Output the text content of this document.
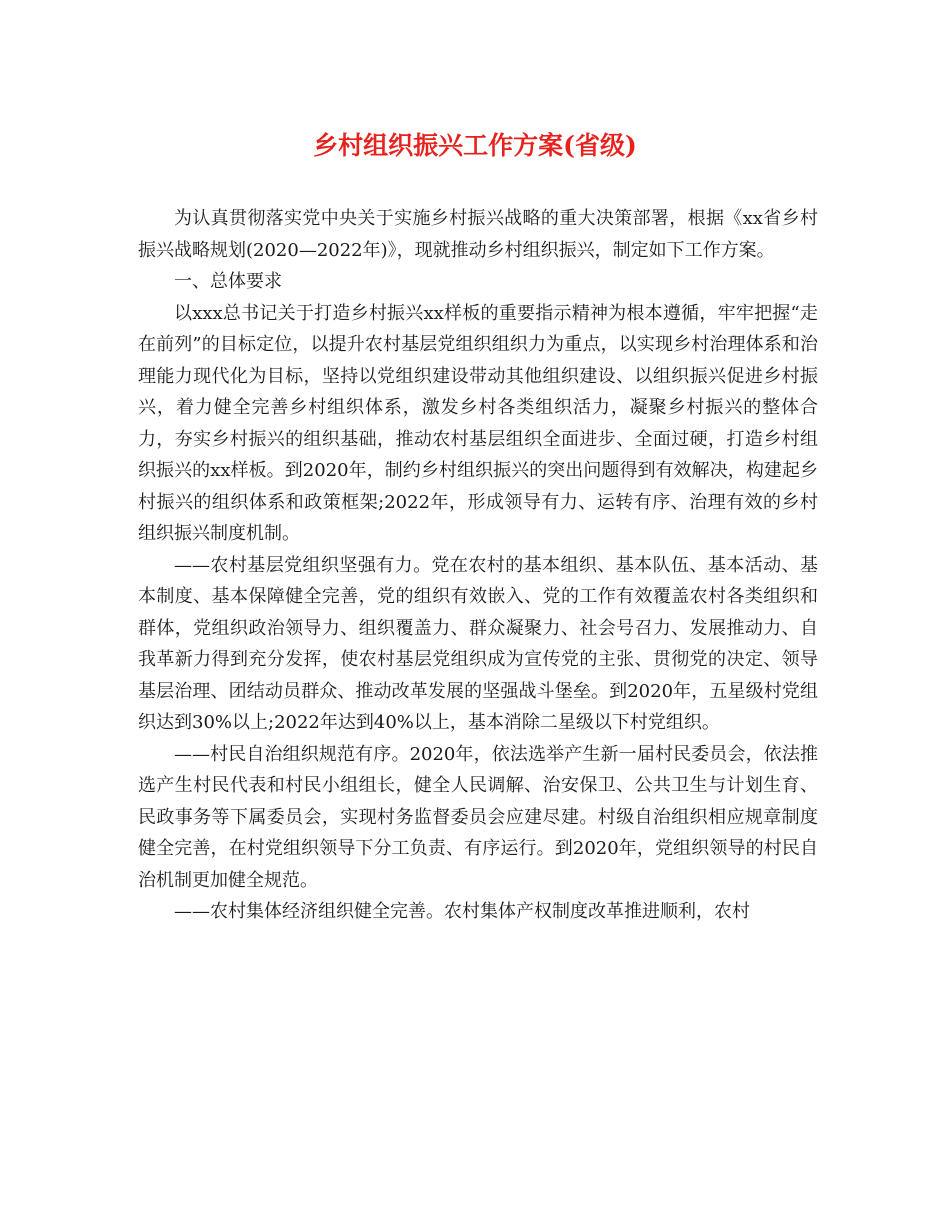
乡村组织振兴工作方案(省级)

为认真贯彻落实党中央关于实施乡村振兴战略的重大决策部署，根据《xx省乡村振兴战略规划(2020—2022年)》，现就推动乡村组织振兴，制定如下工作方案。

一、总体要求

以xxx总书记关于打造乡村振兴xx样板的重要指示精神为根本遵循，牢牢把握“走在前列”的目标定位，以提升农村基层党组织组织力为重点，以实现乡村治理体系和治理能力现代化为目标，坚持以党组织建设带动其他组织建设、以组织振兴促进乡村振兴，着力健全完善乡村组织体系，激发乡村各类组织活力，凝聚乡村振兴的整体合力，夯实乡村振兴的组织基础，推动农村基层组织全面进步、全面过硬，打造乡村组织振兴的xx样板。到2020年，制约乡村组织振兴的突出问题得到有效解决，构建起乡村振兴的组织体系和政策框架;2022年，形成领导有力、运转有序、治理有效的乡村组织振兴制度机制。

——农村基层党组织坚强有力。党在农村的基本组织、基本队伍、基本活动、基本制度、基本保障健全完善，党的组织有效嵌入、党的工作有效覆盖农村各类组织和群体，党组织政治领导力、组织覆盖力、群众凝聚力、社会号召力、发展推动力、自我革新力得到充分发挥，使农村基层党组织成为宣传党的主张、贯彻党的决定、领导基层治理、团结动员群众、推动改革发展的坚强战斗堡垒。到2020年，五星级村党组织达到30%以上;2022年达到40%以上，基本消除二星级以下村党组织。

——村民自治组织规范有序。2020年，依法选举产生新一届村民委员会，依法推选产生村民代表和村民小组组长，健全人民调解、治安保卫、公共卫生与计划生育、民政事务等下属委员会，实现村务监督委员会应建尽建。村级自治组织相应规章制度健全完善，在村党组织领导下分工负责、有序运行。到2020年，党组织领导的村民自治机制更加健全规范。

——农村集体经济组织健全完善。农村集体产权制度改革推进顺利，农村
